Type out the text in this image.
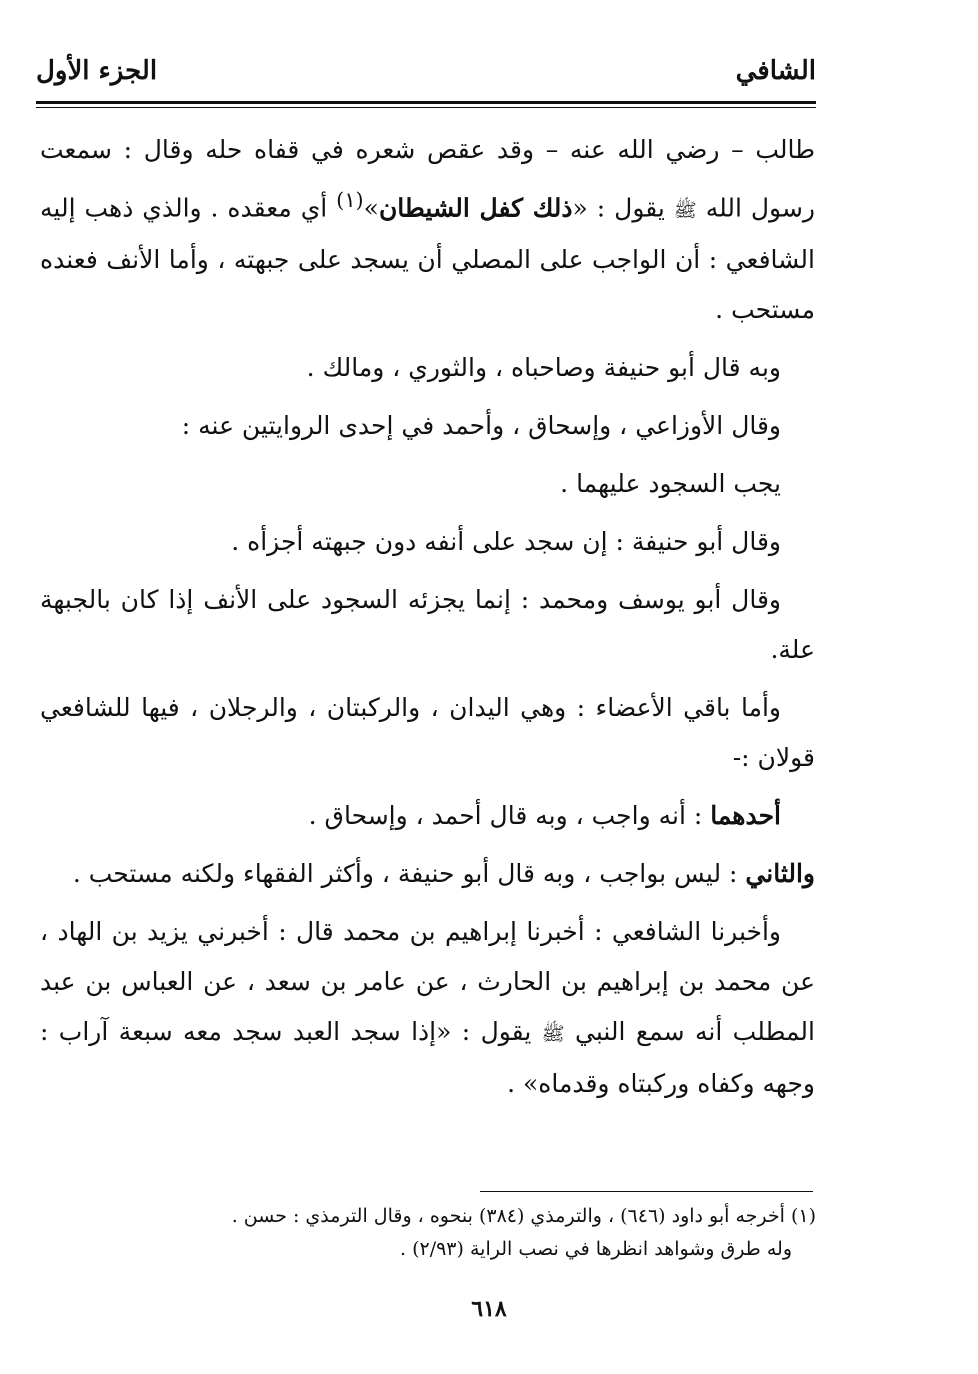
الشافي
الجزء الأول

طالب – رضي الله عنه – وقد عقص شعره في قفاه حله وقال : سمعت رسول الله ﷺ يقول : «ذلك كفل الشيطان»$^{(١)}$ أي معقده . والذي ذهب إليه الشافعي : أن الواجب على المصلي أن يسجد على جبهته ، وأما الأنف فعنده مستحب .

وبه قال أبو حنيفة وصاحباه ، والثوري ، ومالك .

وقال الأوزاعي ، وإسحاق ، وأحمد في إحدى الروايتين عنه :

يجب السجود عليهما .

وقال أبو حنيفة : إن سجد على أنفه دون جبهته أجزأه .

وقال أبو يوسف ومحمد : إنما يجزئه السجود على الأنف إذا كان بالجبهة علة.

وأما باقي الأعضاء : وهي اليدان ، والركبتان ، والرجلان ، فيها للشافعي قولان :-

أحدهما : أنه واجب ، وبه قال أحمد ، وإسحاق .

والثاني : ليس بواجب ، وبه قال أبو حنيفة ، وأكثر الفقهاء ولكنه مستحب .

وأخبرنا الشافعي : أخبرنا إبراهيم بن محمد قال : أخبرني يزيد بن الهاد ، عن محمد بن إبراهيم بن الحارث ، عن عامر بن سعد ، عن العباس بن عبد المطلب أنه سمع النبي ﷺ يقول : «إذا سجد العبد سجد معه سبعة آراب : وجهه وكفاه وركبتاه وقدماه» .

(١) أخرجه أبو داود (٦٤٦) ، والترمذي (٣٨٤) بنحوه ، وقال الترمذي : حسن .

وله طرق وشواهد انظرها في نصب الراية (٢/٩٣) .

٦١٨
